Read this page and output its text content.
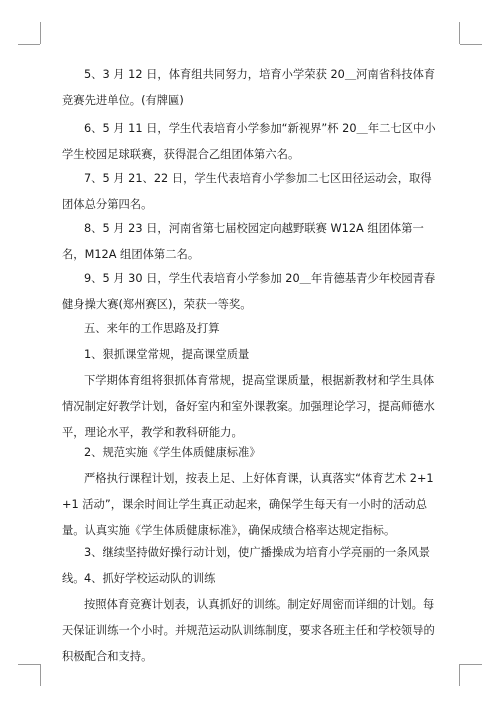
5、3 月 12 日，体育组共同努力，培育小学荣获 20＿河南省科技体育竞赛先进单位。(有牌匾)

6、5 月 11 日，学生代表培育小学参加“新视界”杯 20＿年二七区中小学生校园足球联赛，获得混合乙组团体第六名。

7、5 月 21、22 日，学生代表培育小学参加二七区田径运动会，取得团体总分第四名。

8、5 月 23 日，河南省第七届校园定向越野联赛 W12A 组团体第一名，M12A 组团体第二名。

9、5 月 30 日，学生代表培育小学参加 20＿年肯德基青少年校园青春健身操大赛(郑州赛区)，荣获一等奖。

五、来年的工作思路及打算

1、狠抓课堂常规，提高课堂质量

下学期体育组将狠抓体育常规，提高堂课质量，根据新教材和学生具体情况制定好教学计划，备好室内和室外课教案。加强理论学习，提高师德水平，理论水平，教学和教科研能力。

2、规范实施《学生体质健康标准》

严格执行课程计划，按表上足、上好体育课，认真落实“体育艺术 2+1+1 活动”，课余时间让学生真正动起来，确保学生每天有一小时的活动总量。认真实施《学生体质健康标准》，确保成绩合格率达规定指标。

3、继续坚持做好操行动计划，使广播操成为培育小学亮丽的一条风景线。 4、抓好学校运动队的训练

按照体育竞赛计划表，认真抓好的训练。制定好周密而详细的计划。每天保证训练一个小时。并规范运动队训练制度，要求各班主任和学校领导的积极配合和支持。
